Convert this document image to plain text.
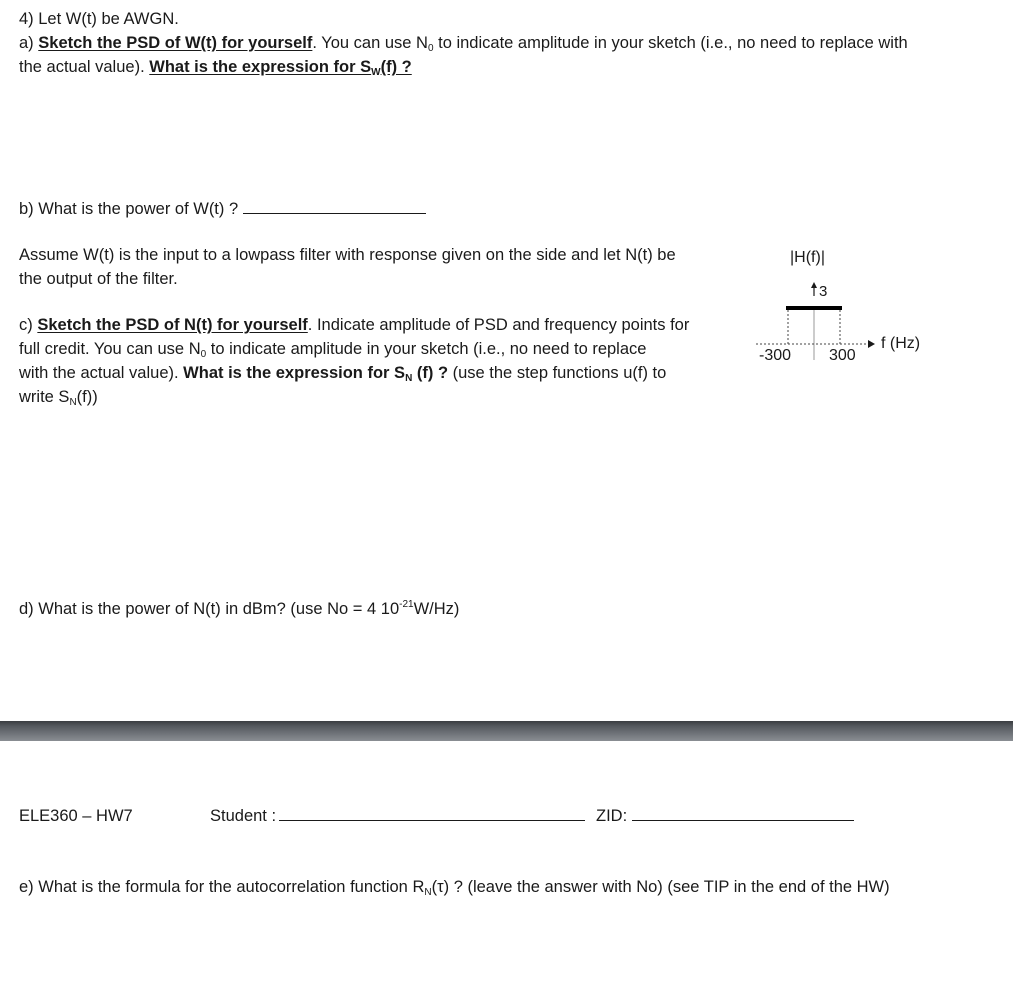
4) Let W(t) be AWGN.
a) Sketch the PSD of W(t) for yourself. You can use $N_0$ to indicate amplitude in your sketch (i.e., no need to replace with
the actual value). What is the expression for $S_W(f)$ ?
b) What is the power of W(t) ?
Assume W(t) is the input to a lowpass filter with response given on the side and let N(t) be
the output of the filter.
c) Sketch the PSD of N(t) for yourself. Indicate amplitude of PSD and frequency points for
full credit. You can use $N_0$ to indicate amplitude in your sketch (i.e., no need to replace
with the actual value). What is the expression for $S_N$ (f) ? (use the step functions u(f) to
write $S_N(f)$)
|H(f)|
3
-300 300
f (Hz)
d) What is the power of N(t) in dBm? (use No = 4 $10^{-21}W/Hz$)
ELE360 – HW7	Student :	ZID:
e) What is the formula for the autocorrelation function $R_N(\tau)$ ? (leave the answer with No) (see TIP in the end of the HW)
